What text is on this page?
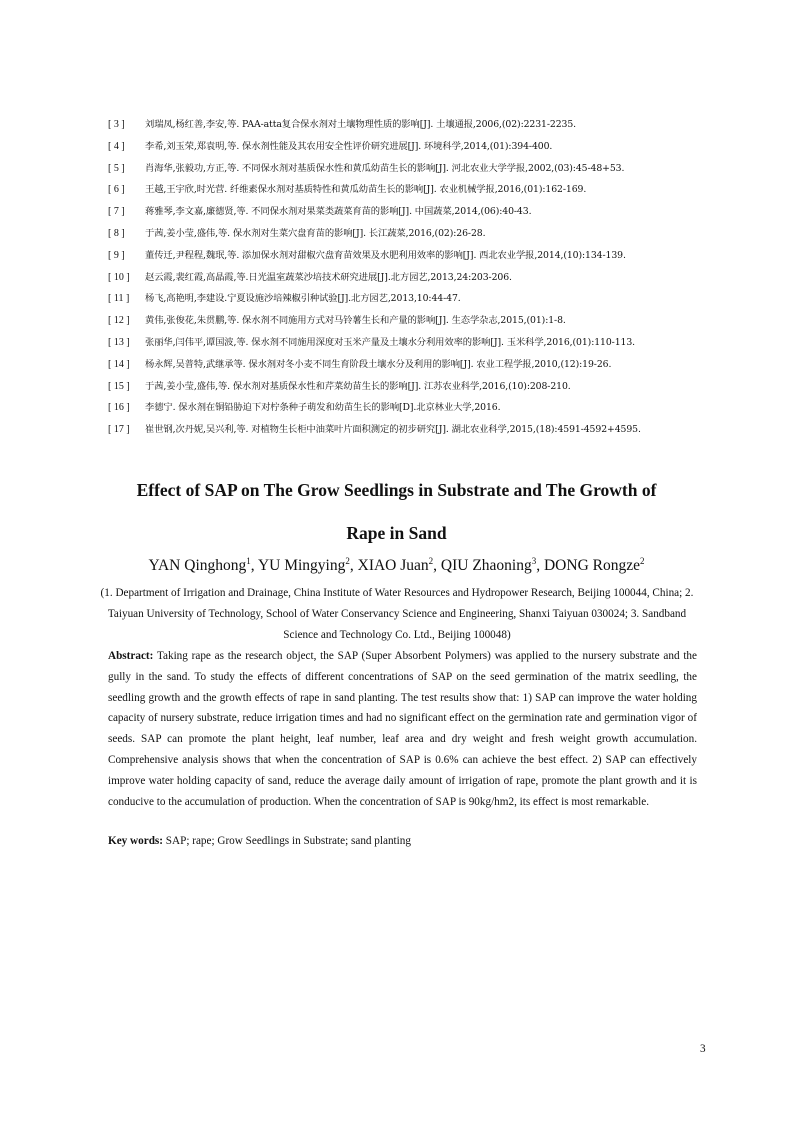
[ 3 ]	刘瑞凤,杨红善,李安,等. PAA-atta复合保水剂对土壤物理性质的影响[J]. 土壤通报,2006,(02):2231-2235.
[ 4 ]	李希,刘玉荣,郑袁明,等. 保水剂性能及其农用安全性评价研究进展[J]. 环境科学,2014,(01):394-400.
[ 5 ]	肖海华,张毅功,方正,等. 不同保水剂对基质保水性和黄瓜幼苗生长的影响[J]. 河北农业大学学报,2002,(03):45-48+53.
[ 6 ]	王越,王宇欣,时光营. 纤维素保水剂对基质特性和黄瓜幼苗生长的影响[J]. 农业机械学报,2016,(01):162-169.
[ 7 ]	蒋雅琴,李文嘉,廉德贤,等. 不同保水剂对果菜类蔬菜育苗的影响[J]. 中国蔬菜,2014,(06):40-43.
[ 8 ]	于茜,姜小莹,盛伟,等. 保水剂对生菜穴盘育苗的影响[J]. 长江蔬菜,2016,(02):26-28.
[ 9 ]	董传迁,尹程程,魏珉,等. 添加保水剂对甜椒穴盘育苗效果及水肥利用效率的影响[J]. 西北农业学报,2014,(10):134-139.
[ 10 ]	赵云霞,裴红霞,高晶霞,等.日光温室蔬菜沙培技术研究进展[J].北方园艺,2013,24:203-206.
[ 11 ]	杨飞,高艳明,李建设.宁夏设施沙培辣椒引种试验[J].北方园艺,2013,10:44-47.
[ 12 ]	黄伟,张俊花,朱贯鹏,等. 保水剂不同施用方式对马铃薯生长和产量的影响[J]. 生态学杂志,2015,(01):1-8.
[ 13 ]	张丽华,闫伟平,谭国波,等. 保水剂不同施用深度对玉米产量及土壤水分利用效率的影响[J]. 玉米科学,2016,(01):110-113.
[ 14 ]	杨永辉,吴普特,武继承等. 保水剂对冬小麦不同生育阶段土壤水分及利用的影响[J]. 农业工程学报,2010,(12):19-26.
[ 15 ]	于茜,姜小莹,盛伟,等. 保水剂对基质保水性和芹菜幼苗生长的影响[J]. 江苏农业科学,2016,(10):208-210.
[ 16 ]	李德宁. 保水剂在铜铅胁迫下对柠条种子萌发和幼苗生长的影响[D].北京林业大学,2016.
[ 17 ]	崔世钢,次丹妮,吴兴利,等. 对植物生长柜中油菜叶片面积测定的初步研究[J]. 湖北农业科学,2015,(18):4591-4592+4595.
Effect of SAP on The Grow Seedlings in Substrate and The Growth of
Rape in Sand
YAN Qinghong$^1$, YU Mingying$^2$, XIAO Juan$^2$, QIU Zhaoning$^3$, DONG Rongze$^2$
(1. Department of Irrigation and Drainage, China Institute of Water Resources and Hydropower Research, Beijing 100044, China; 2. Taiyuan University of Technology, School of Water Conservancy Science and Engineering, Shanxi Taiyuan 030024; 3. Sandband Science and Technology Co. Ltd., Beijing 100048)
Abstract: Taking rape as the research object, the SAP (Super Absorbent Polymers) was applied to the nursery substrate and the gully in the sand. To study the effects of different concentrations of SAP on the seed germination of the matrix seedling, the seedling growth and the growth effects of rape in sand planting. The test results show that: 1) SAP can improve the water holding capacity of nursery substrate, reduce irrigation times and had no significant effect on the germination rate and germination vigor of seeds. SAP can promote the plant height, leaf number, leaf area and dry weight and fresh weight growth accumulation. Comprehensive analysis shows that when the concentration of SAP is 0.6% can achieve the best effect. 2) SAP can effectively improve water holding capacity of sand, reduce the average daily amount of irrigation of rape, promote the plant growth and it is conducive to the accumulation of production. When the concentration of SAP is 90kg/hm2, its effect is most remarkable.
Key words: SAP; rape; Grow Seedlings in Substrate; sand planting
3
